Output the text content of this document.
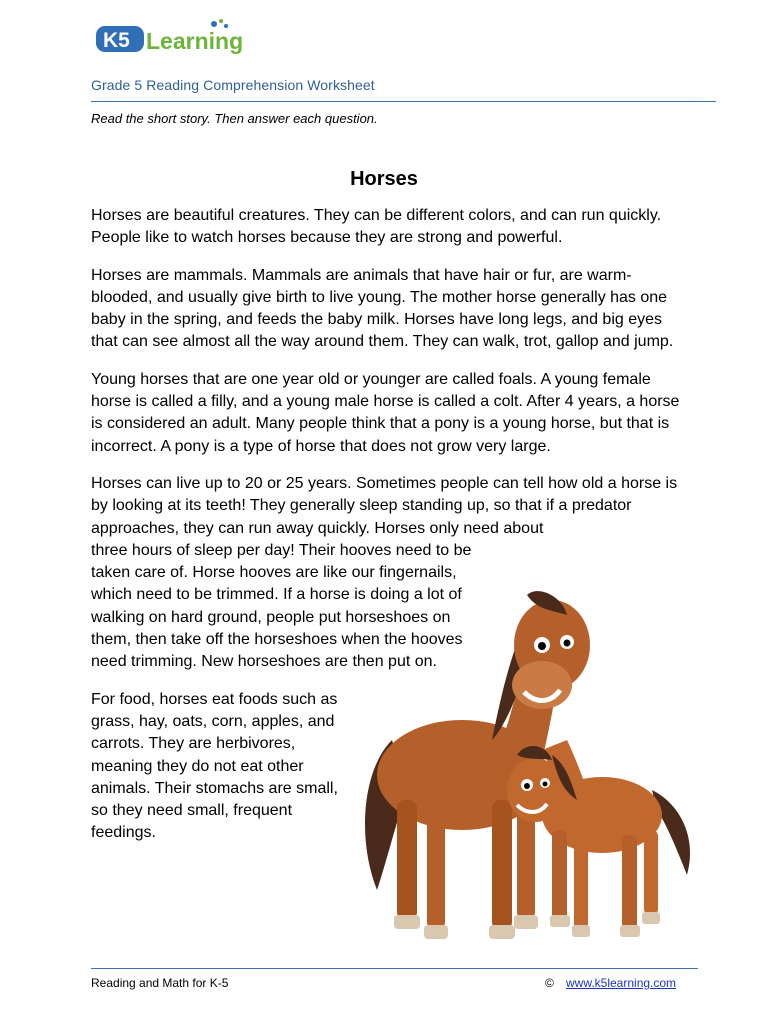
K5 Learning
Grade 5 Reading Comprehension Worksheet
Read the short story. Then answer each question.
Horses

Horses are beautiful creatures. They can be different colors, and can run quickly. People like to watch horses because they are strong and powerful.

Horses are mammals. Mammals are animals that have hair or fur, are warm-blooded, and usually give birth to live young. The mother horse generally has one baby in the spring, and feeds the baby milk. Horses have long legs, and big eyes that can see almost all the way around them. They can walk, trot, gallop and jump.

Young horses that are one year old or younger are called foals. A young female horse is called a filly, and a young male horse is called a colt. After 4 years, a horse is considered an adult. Many people think that a pony is a young horse, but that is incorrect. A pony is a type of horse that does not grow very large.

Horses can live up to 20 or 25 years. Sometimes people can tell how old a horse is by looking at its teeth! They generally sleep standing up, so that if a predator approaches, they can run away quickly. Horses only need about

three hours of sleep per day! Their hooves need to be taken care of. Horse hooves are like our fingernails, which need to be trimmed. If a horse is doing a lot of walking on hard ground, people put horseshoes on them, then take off the horseshoes when the hooves need trimming. New horseshoes are then put on.

For food, horses eat foods such as grass, hay, oats, corn, apples, and carrots. They are herbivores, meaning they do not eat other animals. Their stomachs are small, so they need small, frequent feedings.

Reading and Math for K-5	© www.k5learning.com
